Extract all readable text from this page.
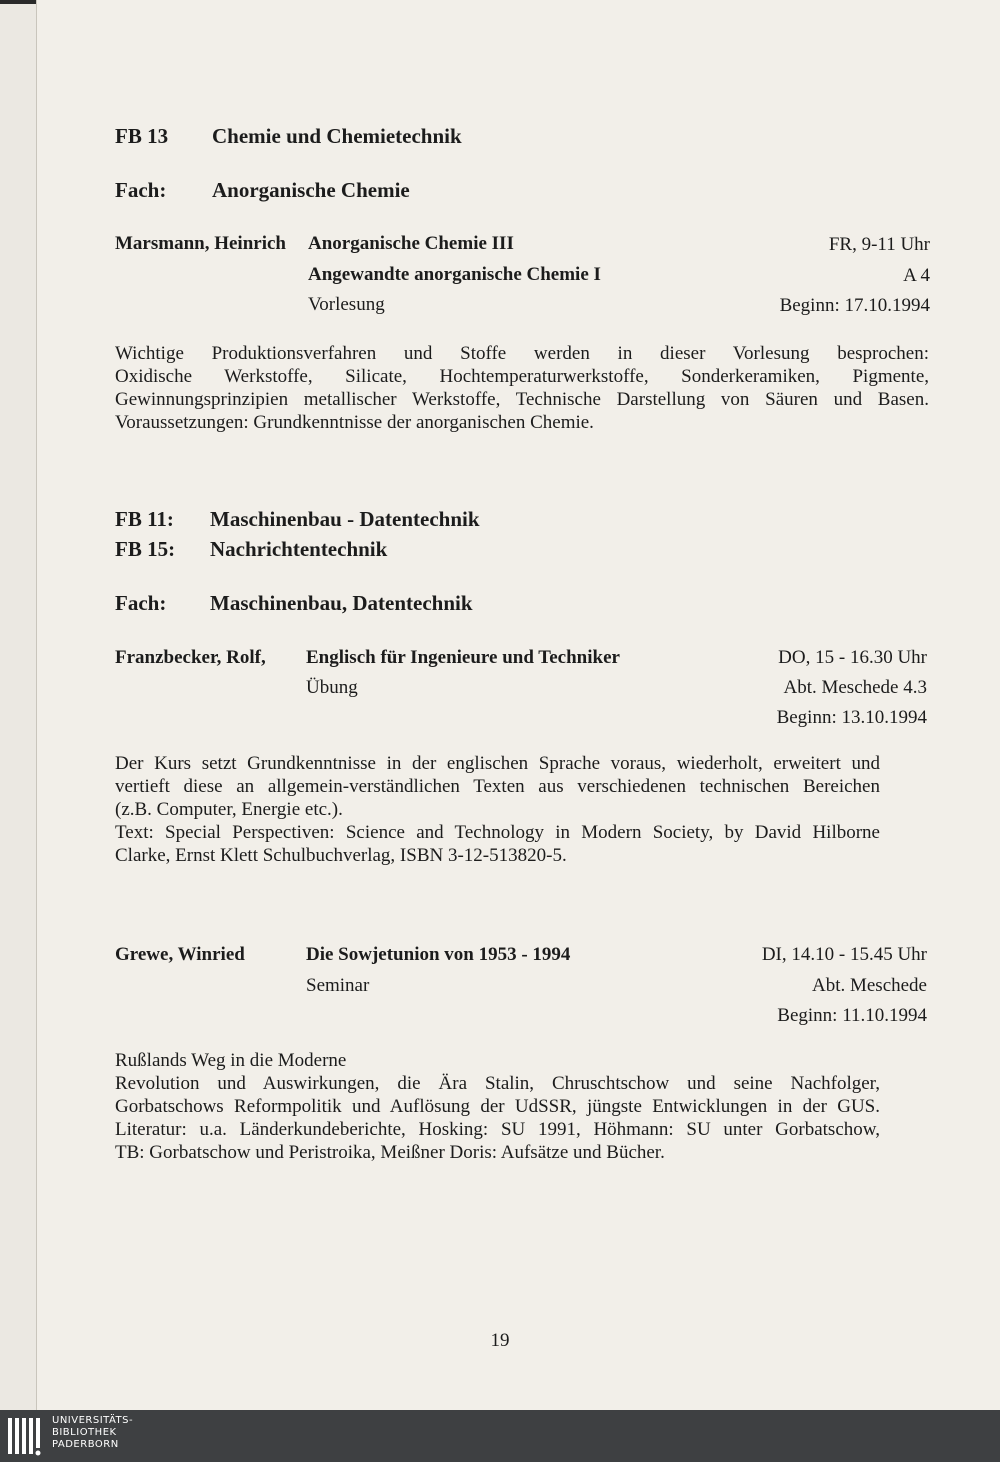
FB 13 Chemie und Chemietechnik
Fach: Anorganische Chemie
Marsmann, Heinrich Anorganische Chemie III
Angewandte anorganische Chemie I
Vorlesung
FR, 9-11 Uhr
A 4
Beginn: 17.10.1994

Wichtige Produktionsverfahren und Stoffe werden in dieser Vorlesung besprochen:

Oxidische Werkstoffe, Silicate, Hochtemperaturwerkstoffe, Sonderkeramiken, Pigmente,

Gewinnungsprinzipien metallischer Werkstoffe, Technische Darstellung von Säuren und Basen.

Voraussetzungen: Grundkenntnisse der anorganischen Chemie.

FB 11: Maschinenbau - Datentechnik
FB 15: Nachrichtentechnik
Fach: Maschinenbau, Datentechnik
Franzbecker, Rolf, Englisch für Ingenieure und Techniker
Übung
DO, 15 - 16.30 Uhr
Abt. Meschede 4.3
Beginn: 13.10.1994

Der Kurs setzt Grundkenntnisse in der englischen Sprache voraus, wiederholt, erweitert und

vertieft diese an allgemein-verständlichen Texten aus verschiedenen technischen Bereichen

(z.B. Computer, Energie etc.).

Text: Special Perspectiven: Science and Technology in Modern Society, by David Hilborne

Clarke, Ernst Klett Schulbuchverlag, ISBN 3-12-513820-5.

Grewe, Winried	Die Sowjetunion von 1953 - 1994
Seminar
DI, 14.10 - 15.45 Uhr
Abt. Meschede
Beginn: 11.10.1994

Rußlands Weg in die Moderne

Revolution und Auswirkungen, die Ära Stalin, Chruschtschow und seine Nachfolger,

Gorbatschows Reformpolitik und Auflösung der UdSSR, jüngste Entwicklungen in der GUS.

Literatur: u.a. Länderkundeberichte, Hosking: SU 1991, Höhmann: SU unter Gorbatschow,

TB: Gorbatschow und Peristroika, Meißner Doris: Aufsätze und Bücher.

19
UNIVERSITÄTS-
BIBLIOTHEK
PADERBORN
